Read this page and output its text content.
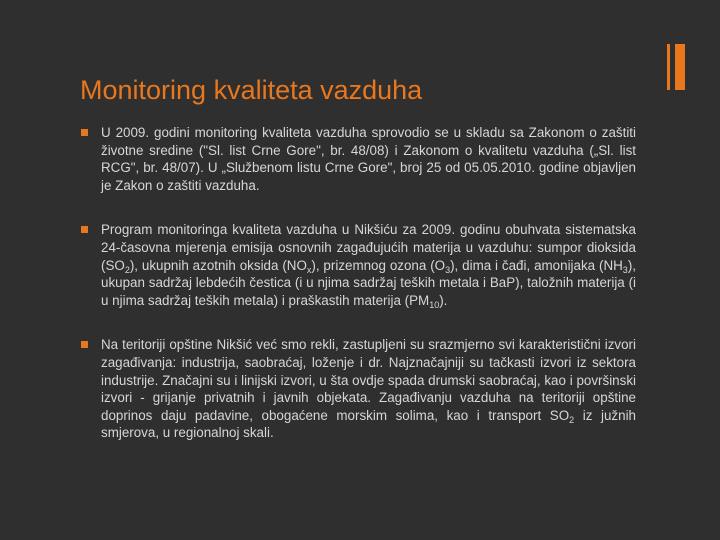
Monitoring kvaliteta vazduha
U 2009. godini monitoring kvaliteta vazduha sprovodio se u skladu sa Zakonom o zaštiti životne sredine ("Sl. list Crne Gore", br. 48/08) i Zakonom o kvalitetu vazduha („Sl. list RCG", br. 48/07). U „Službenom listu Crne Gore", broj 25 od 05.05.2010. godine objavljen je Zakon o zaštiti vazduha.
Program monitoringa kvaliteta vazduha u Nikšiću za 2009. godinu obuhvata sistematska 24-časovna mjerenja emisija osnovnih zagađujućih materija u vazduhu: sumpor dioksida $(SO_2)$, ukupnih azotnih oksida $(NO_x)$, prizemnog ozona $(O_3)$, dima i čađi, amonijaka $(NH_3)$, ukupan sadržaj lebdećih čestica (i u njima sadržaj teških metala i BaP), taložnih materija (i u njima sadržaj teških metala) i praškastih materija $(PM_{10})$.
Na teritoriji opštine Nikšić već smo rekli, zastupljeni su srazmjerno svi karakteristični izvori zagađivanja: industrija, saobraćaj, loženje i dr. Najznačajniji su tačkasti izvori iz sektora industrije. Značajni su i linijski izvori, u šta ovdje spada drumski saobraćaj, kao i površinski izvori - grijanje privatnih i javnih objekata. Zagađivanju vazduha na teritoriji opštine doprinos daju padavine, obogaćene morskim solima, kao i transport $SO_2$ iz južnih smjerova, u regionalnoj skali.
